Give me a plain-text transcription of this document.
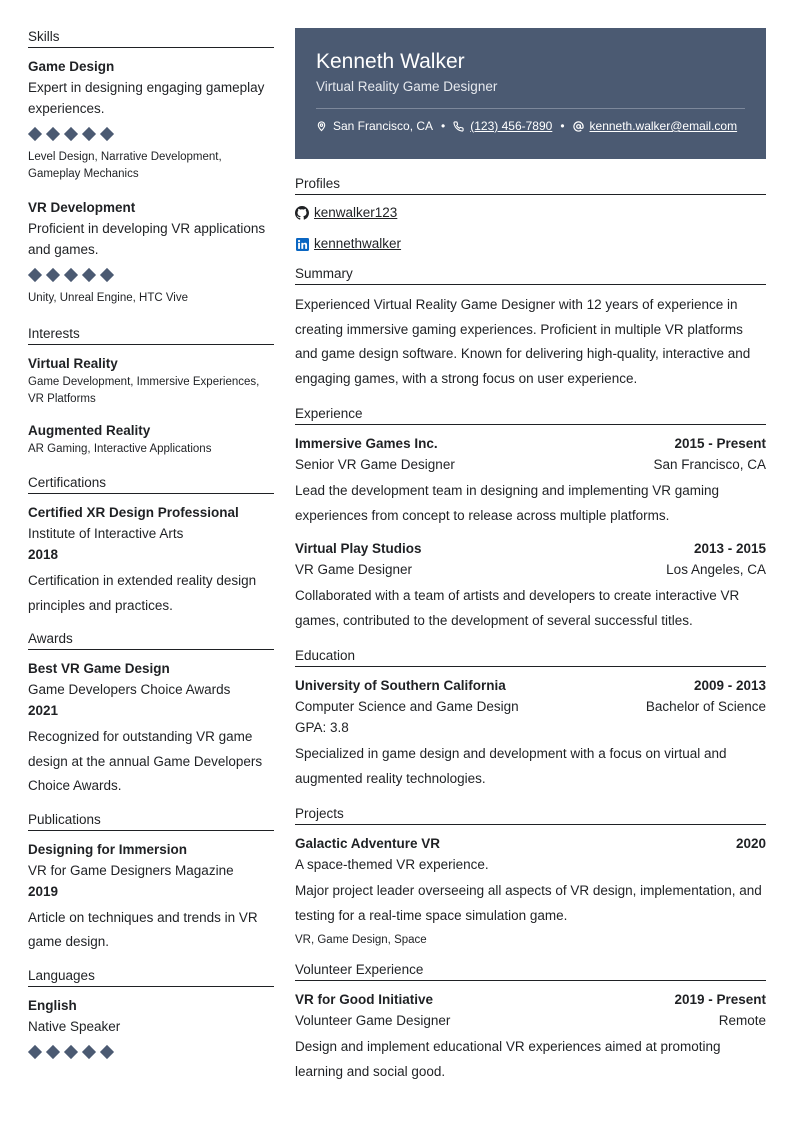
Skills
Game Design
Expert in designing engaging gameplay experiences.
Level Design, Narrative Development, Gameplay Mechanics
VR Development
Proficient in developing VR applications and games.
Unity, Unreal Engine, HTC Vive
Interests
Virtual Reality
Game Development, Immersive Experiences, VR Platforms
Augmented Reality
AR Gaming, Interactive Applications
Certifications
Certified XR Design Professional
Institute of Interactive Arts
2018
Certification in extended reality design principles and practices.
Awards
Best VR Game Design
Game Developers Choice Awards
2021
Recognized for outstanding VR game design at the annual Game Developers Choice Awards.
Publications
Designing for Immersion
VR for Game Designers Magazine
2019
Article on techniques and trends in VR game design.
Languages
English
Native Speaker
Kenneth Walker
Virtual Reality Game Designer
San Francisco, CA • (123) 456-7890 • kenneth.walker@email.com
Profiles
kenwalker123
kennethwalker
Summary
Experienced Virtual Reality Game Designer with 12 years of experience in creating immersive gaming experiences. Proficient in multiple VR platforms and game design software. Known for delivering high-quality, interactive and engaging games, with a strong focus on user experience.
Experience
Immersive Games Inc.	2015 - Present
Senior VR Game Designer	San Francisco, CA
Lead the development team in designing and implementing VR gaming experiences from concept to release across multiple platforms.
Virtual Play Studios	2013 - 2015
VR Game Designer	Los Angeles, CA
Collaborated with a team of artists and developers to create interactive VR games, contributed to the development of several successful titles.
Education
University of Southern California	2009 - 2013
Computer Science and Game Design	Bachelor of Science
GPA: 3.8
Specialized in game design and development with a focus on virtual and augmented reality technologies.
Projects
Galactic Adventure VR	2020
A space-themed VR experience.
Major project leader overseeing all aspects of VR design, implementation, and testing for a real-time space simulation game.
VR, Game Design, Space
Volunteer Experience
VR for Good Initiative	2019 - Present
Volunteer Game Designer	Remote
Design and implement educational VR experiences aimed at promoting learning and social good.
